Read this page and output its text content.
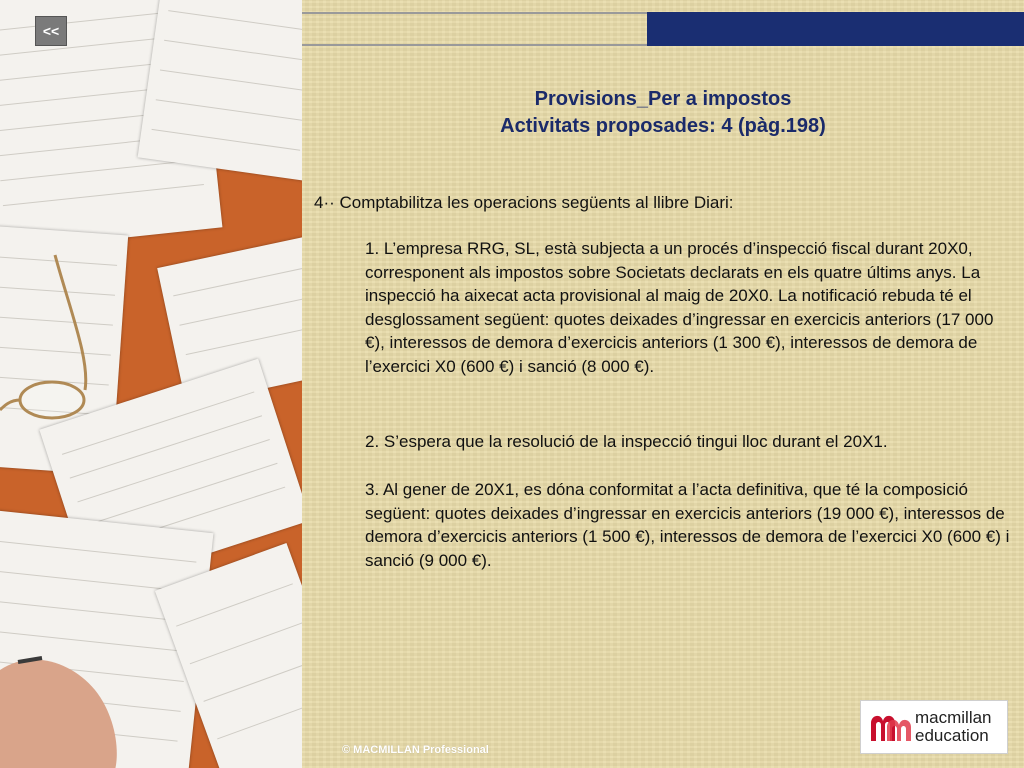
<<
Provisions_Per a impostos
Activitats proposades: 4 (pàg.198)
4·· Comptabilitza les operacions següents al llibre Diari:
1. L’empresa RRG, SL, està subjecta a un procés d’inspecció fiscal durant 20X0, corresponent als impostos sobre Societats declarats en els quatre últims anys. La inspecció ha aixecat acta provisional al maig de 20X0. La notificació rebuda té el desglossament següent: quotes deixades d’ingressar en exercicis anteriors (17 000 €), interessos de demora d’exercicis anteriors (1 300 €), interessos de demora de l’exercici X0 (600 €) i sanció (8 000 €).
2. S’espera que la resolució de la inspecció tingui lloc durant el 20X1.
3. Al gener de 20X1, es dóna conformitat a l’acta definitiva, que té la composició següent: quotes deixades d’ingressar en exercicis anteriors (19 000 €), interessos de demora d’exercicis anteriors (1 500 €), interessos de demora de l’exercici X0 (600 €) i sanció (9 000 €).
© MACMILLAN Professional
macmillan
education
